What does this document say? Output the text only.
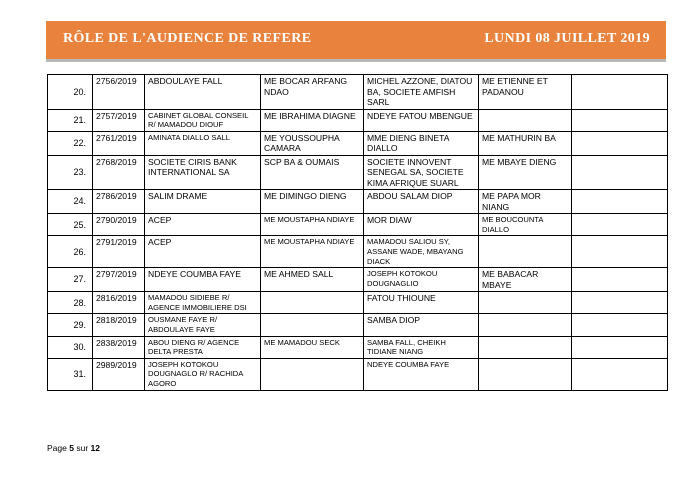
RÔLE DE L'AUDIENCE DE REFERE	LUNDI 08 JUILLET 2019
20.	2756/2019	ABDOULAYE FALL	ME BOCAR ARFANG NDAO	MICHEL AZZONE, DIATOU BA, SOCIETE AMFISH SARL	ME ETIENNE ET PADANOU	
21.	2757/2019	CABINET GLOBAL CONSEIL R/ MAMADOU DIOUF	ME IBRAHIMA DIAGNE	NDEYE FATOU MBENGUE		
22.	2761/2019	AMINATA DIALLO SALL	ME YOUSSOUPHA CAMARA	MME DIENG BINETA DIALLO	ME MATHURIN BA	
23.	2768/2019	SOCIETE CIRIS BANK INTERNATIONAL SA	SCP BA & OUMAIS	SOCIETE INNOVENT SENEGAL SA, SOCIETE KIMA AFRIQUE SUARL	ME MBAYE DIENG	
24.	2786/2019	SALIM DRAME	ME DIMINGO DIENG	ABDOU SALAM DIOP	ME PAPA MOR NIANG	
25.	2790/2019	ACEP	ME MOUSTAPHA NDIAYE	MOR DIAW	ME BOUCOUNTA DIALLO	
26.	2791/2019	ACEP	ME MOUSTAPHA NDIAYE	MAMADOU SALIOU SY, ASSANE WADE, MBAYANG DIACK		
27.	2797/2019	NDEYE COUMBA FAYE	ME AHMED SALL	JOSEPH KOTOKOU DOUGNAGLIO	ME BABACAR MBAYE	
28.	2816/2019	MAMADOU SIDIEBE R/ AGENCE IMMOBILIERE DSI		FATOU THIOUNE		
29.	2818/2019	OUSMANE FAYE R/ ABDOULAYE FAYE		SAMBA DIOP		
30.	2838/2019	ABOU DIENG R/ AGENCE DELTA PRESTA	ME MAMADOU SECK	SAMBA FALL, CHEIKH TIDIANE NIANG		
31.	2989/2019	JOSEPH KOTOKOU DOUGNAGLO R/ RACHIDA AGORO		NDEYE COUMBA FAYE		
Page 5 sur 12
